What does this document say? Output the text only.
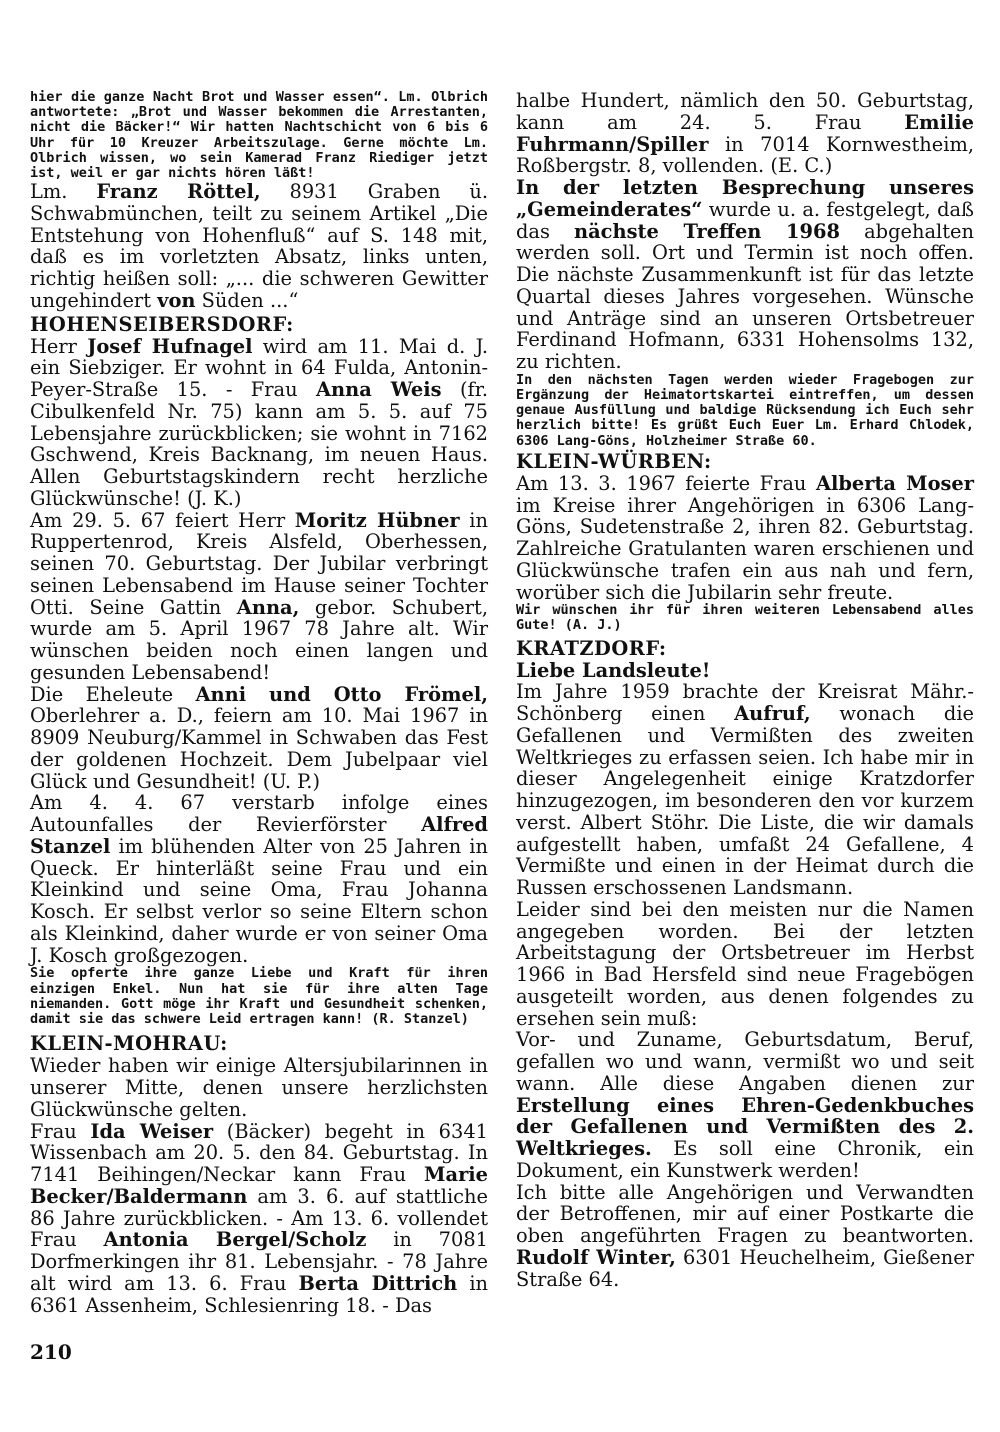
hier die ganze Nacht Brot und Wasser essen“. Lm. Olbrich antwortete: „Brot und Wasser bekommen die Arrestanten, nicht die Bäcker!“ Wir hatten Nachtschicht von 6 bis 6 Uhr für 10 Kreuzer Arbeitszulage. Gerne möchte Lm. Olbrich wissen, wo sein Kamerad Franz Riediger jetzt ist, weil er gar nichts hören läßt!

Lm. Franz Röttel, 8931 Graben ü. Schwabmünchen, teilt zu seinem Artikel „Die Entstehung von Hohenfluß“ auf S. 148 mit, daß es im vorletzten Absatz, links unten, richtig heißen soll: „... die schweren Gewitter ungehindert von Süden ...“

HOHENSEIBERSDORF:

Herr Josef Hufnagel wird am 11. Mai d. J. ein Siebziger. Er wohnt in 64 Fulda, Antonin-Peyer-Straße 15. - Frau Anna Weis (fr. Cibulkenfeld Nr. 75) kann am 5. 5. auf 75 Lebensjahre zurückblicken; sie wohnt in 7162 Gschwend, Kreis Backnang, im neuen Haus. Allen Geburtstagskindern recht herzliche Glückwünsche! (J. K.)

Am 29. 5. 67 feiert Herr Moritz Hübner in Ruppertenrod, Kreis Alsfeld, Oberhessen, seinen 70. Geburtstag. Der Jubilar verbringt seinen Lebensabend im Hause seiner Tochter Otti. Seine Gattin Anna, gebor. Schubert, wurde am 5. April 1967 78 Jahre alt. Wir wünschen beiden noch einen langen und gesunden Lebensabend!

Die Eheleute Anni und Otto Frömel, Oberlehrer a. D., feiern am 10. Mai 1967 in 8909 Neuburg/Kammel in Schwaben das Fest der goldenen Hochzeit. Dem Jubelpaar viel Glück und Gesundheit! (U. P.)

Am 4. 4. 67 verstarb infolge eines Autounfalles der Revierförster Alfred Stanzel im blühenden Alter von 25 Jahren in Queck. Er hinterläßt seine Frau und ein Kleinkind und seine Oma, Frau Johanna Kosch. Er selbst verlor so seine Eltern schon als Kleinkind, daher wurde er von seiner Oma J. Kosch großgezogen.

Sie opferte ihre ganze Liebe und Kraft für ihren einzigen Enkel. Nun hat sie für ihre alten Tage niemanden. Gott möge ihr Kraft und Gesundheit schenken, damit sie das schwere Leid ertragen kann! (R. Stanzel)

KLEIN-MOHRAU:

Wieder haben wir einige Altersjubilarinnen in unserer Mitte, denen unsere herzlichsten Glückwünsche gelten.

Frau Ida Weiser (Bäcker) begeht in 6341 Wissenbach am 20. 5. den 84. Geburtstag. In 7141 Beihingen/Neckar kann Frau Marie Becker/Baldermann am 3. 6. auf stattliche 86 Jahre zurückblicken. - Am 13. 6. vollendet Frau Antonia Bergel/Scholz in 7081 Dorfmerkingen ihr 81. Lebensjahr. - 78 Jahre alt wird am 13. 6. Frau Berta Dittrich in 6361 Assenheim, Schlesienring 18. - Das

halbe Hundert, nämlich den 50. Geburtstag, kann am 24. 5. Frau Emilie Fuhrmann/Spiller in 7014 Kornwestheim, Roßbergstr. 8, vollenden. (E. C.)

In der letzten Besprechung unseres „Gemeinderates“ wurde u. a. festgelegt, daß das nächste Treffen 1968 abgehalten werden soll. Ort und Termin ist noch offen. Die nächste Zusammenkunft ist für das letzte Quartal dieses Jahres vorgesehen. Wünsche und Anträge sind an unseren Ortsbetreuer Ferdinand Hofmann, 6331 Hohensolms 132, zu richten.

In den nächsten Tagen werden wieder Fragebogen zur Ergänzung der Heimatortskartei eintreffen, um dessen genaue Ausfüllung und baldige Rücksendung ich Euch sehr herzlich bitte! Es grüßt Euch Euer Lm. Erhard Chlodek, 6306 Lang-Göns, Holzheimer Straße 60.

KLEIN-WÜRBEN:

Am 13. 3. 1967 feierte Frau Alberta Moser im Kreise ihrer Angehörigen in 6306 Lang-Göns, Sudetenstraße 2, ihren 82. Geburtstag. Zahlreiche Gratulanten waren erschienen und Glückwünsche trafen ein aus nah und fern, worüber sich die Jubilarin sehr freute.

Wir wünschen ihr für ihren weiteren Lebensabend alles Gute! (A. J.)

KRATZDORF:

Liebe Landsleute!

Im Jahre 1959 brachte der Kreisrat Mähr.-Schönberg einen Aufruf, wonach die Gefallenen und Vermißten des zweiten Weltkrieges zu erfassen seien. Ich habe mir in dieser Angelegenheit einige Kratzdorfer hinzugezogen, im besonderen den vor kurzem verst. Albert Stöhr. Die Liste, die wir damals aufgestellt haben, umfaßt 24 Gefallene, 4 Vermißte und einen in der Heimat durch die Russen erschossenen Landsmann.

Leider sind bei den meisten nur die Namen angegeben worden. Bei der letzten Arbeitstagung der Ortsbetreuer im Herbst 1966 in Bad Hersfeld sind neue Fragebögen ausgeteilt worden, aus denen folgendes zu ersehen sein muß:

Vor- und Zuname, Geburtsdatum, Beruf, gefallen wo und wann, vermißt wo und seit wann. Alle diese Angaben dienen zur Erstellung eines Ehren-Gedenkbuches der Gefallenen und Vermißten des 2. Weltkrieges. Es soll eine Chronik, ein Dokument, ein Kunstwerk werden!

Ich bitte alle Angehörigen und Verwandten der Betroffenen, mir auf einer Postkarte die oben angeführten Fragen zu beantworten. Rudolf Winter, 6301 Heuchelheim, Gießener Straße 64.

210
